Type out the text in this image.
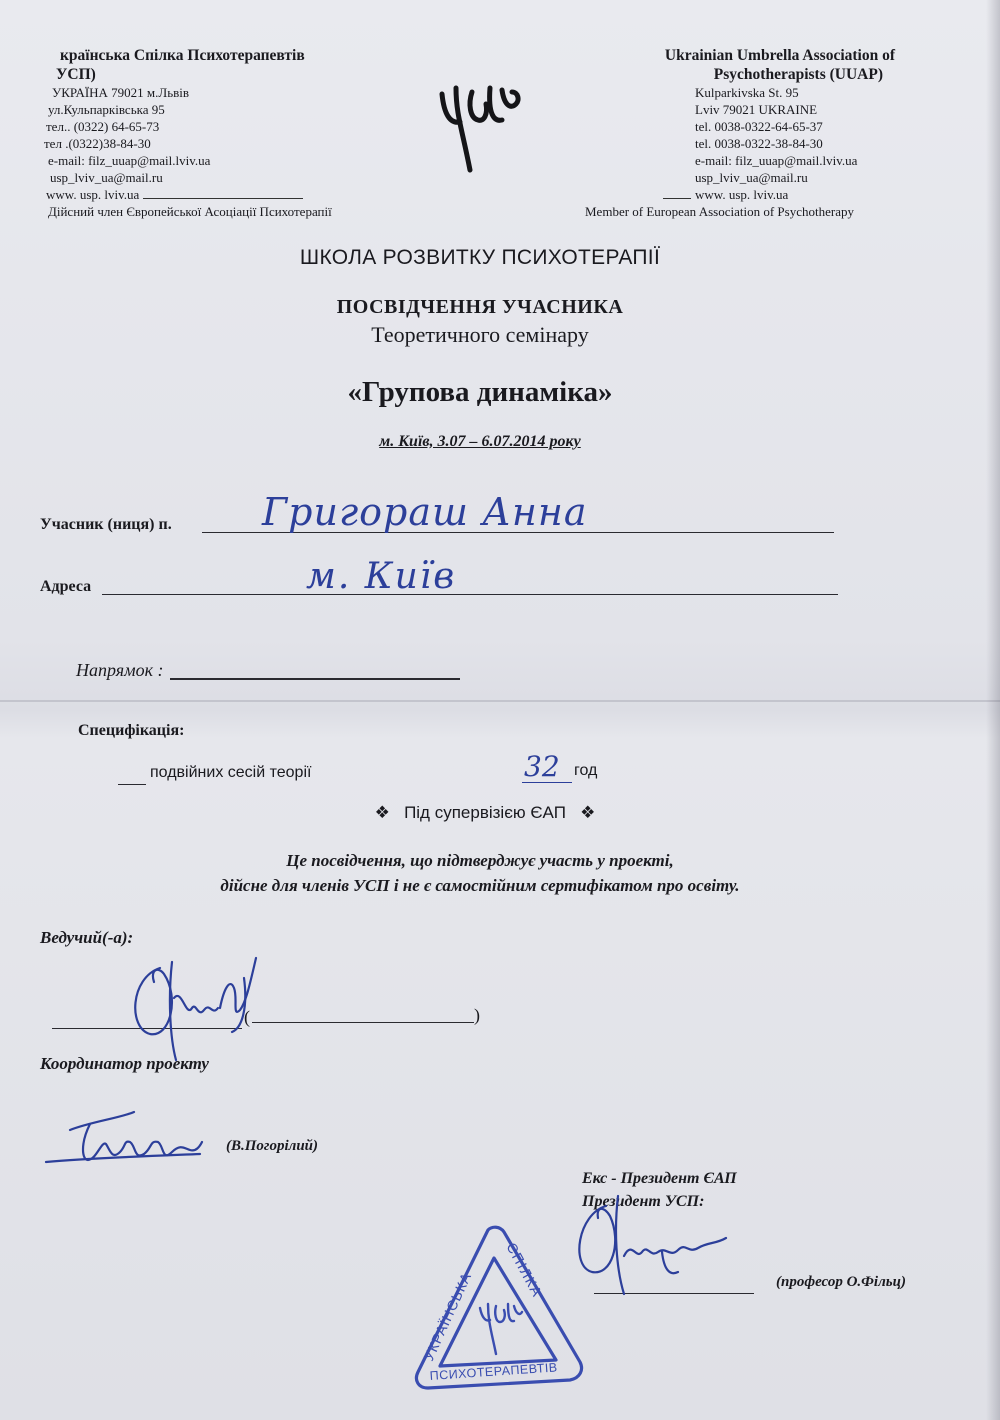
країнська Спілка Психотерапевтів
УСП)
УКРАЇНА 79021 м.Львів
ул.Кульпарківська 95
тел.. (0322) 64-65-73
тел .(0322)38-84-30
e-mail: filz_uuap@mail.lviv.ua
usp_lviv_ua@mail.ru
www. usp. lviv.ua
Дійсний член Європейської Асоціації Психотерапії
Ukrainian Umbrella Association of
Psychotherapists (UUAP)
Kulparkivska St. 95
Lviv 79021 UKRAINE
tel. 0038-0322-64-65-37
tel. 0038-0322-38-84-30
e-mail: filz_uuap@mail.lviv.ua
usp_lviv_ua@mail.ru
www. usp. lviv.ua
Member of European Association of Psychotherapy
ШКОЛА РОЗВИТКУ ПСИХОТЕРАПІЇ
ПОСВІДЧЕННЯ УЧАСНИКА
Теоретичного семінару
«Групова динаміка»
м. Київ, 3.07 – 6.07.2014 року
Учасник (ниця) п. Григораш Анна
Адреса	м. Київ
Напрямок :
Специфікація:
подвійних сесій теорії	32 год
❖ Під супервізією ЄАП ❖
Це посвідчення, що підтверджує участь у проекті,
дійсне для членів УСП і не є самостійним сертифікатом про освіту.
Ведучий(-а):
(	)
Координатор проекту
(В.Погорілий)
Екс - Президент ЄАП
Президент УСП:
(професор О.Фільц)
УКРАЇНСЬКА
СПІЛКА
ПСИХОТЕРАПЕВТІВ
